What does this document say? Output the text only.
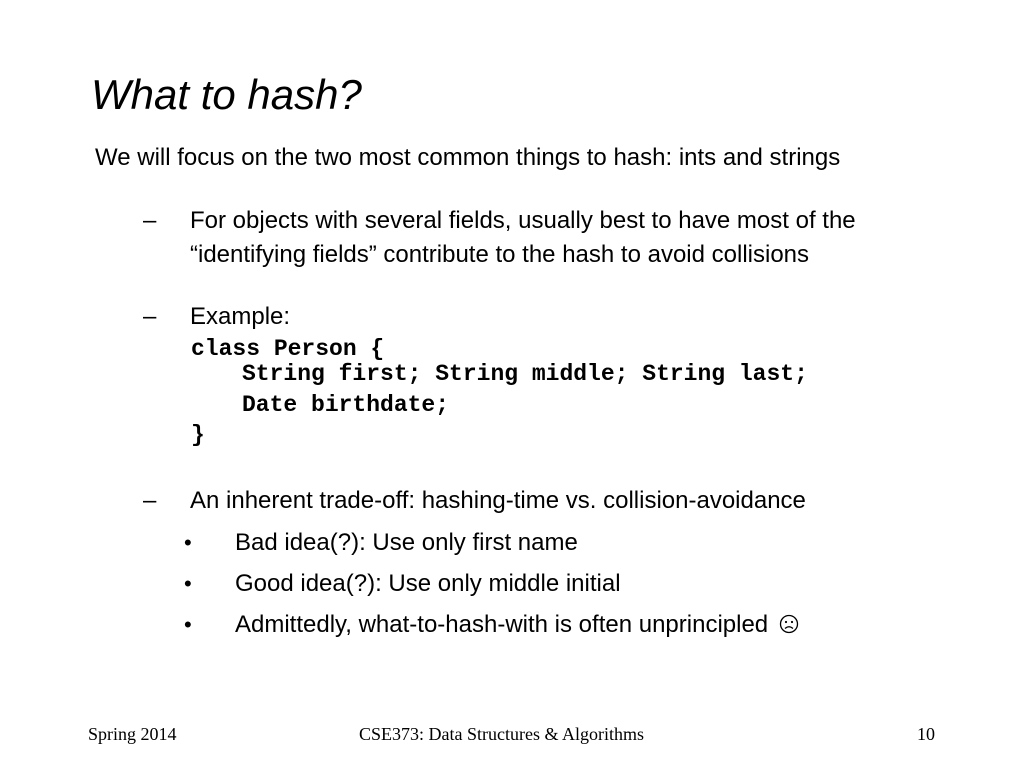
What to hash?
We will focus on the two most common things to hash: ints and strings
– For objects with several fields, usually best to have most of the
“identifying fields” contribute to the hash to avoid collisions
– Example:
class Person {
String first; String middle; String last;
Date birthdate;
}
– An inherent trade-off: hashing-time vs. collision-avoidance
• Bad idea(?): Use only first name
• Good idea(?): Use only middle initial
• Admittedly, what-to-hash-with is often unprincipled
Spring 2014	CSE373: Data Structures & Algorithms	10
